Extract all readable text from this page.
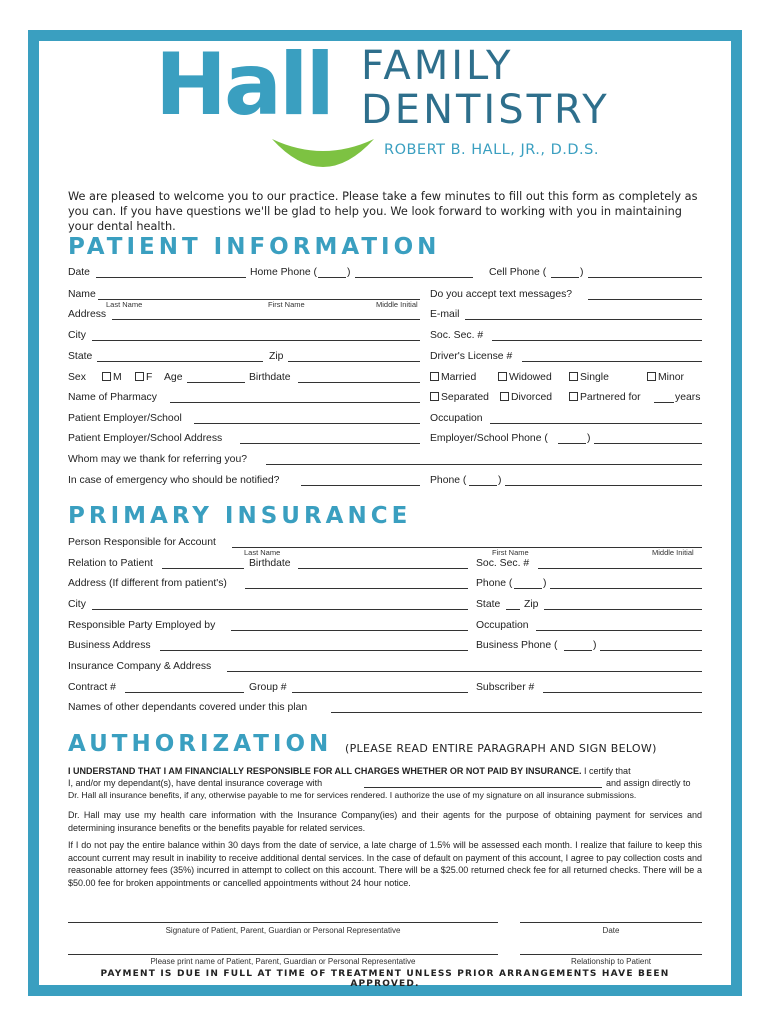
Hall FAMILY
DENTISTRY
ROBERT B. HALL, JR., D.D.S.
We are pleased to welcome you to our practice. Please take a few minutes to fill out this form as completely as you can. If you have questions we'll be glad to help you. We look forward to working with you in maintaining your dental health.
PATIENT INFORMATION
Date	Home Phone (	)	Cell Phone (	)
Name
Last Name	First Name	Middle Initial
Do you accept text messages?
Address	E-mail
City	Soc. Sec. #
State	Zip	Driver's License #
Sex	M	F Age	Birthdate	Married	Widowed	Single	Minor
Name of Pharmacy	Separated	Divorced	Partnered for	years
Patient Employer/School	Occupation
Patient Employer/School Address	Employer/School Phone (	)
Whom may we thank for referring you?
In case of emergency who should be notified?	Phone (	)
PRIMARY INSURANCE
Person Responsible for Account
Last Name	First Name	Middle Initial
Relation to Patient	Birthdate	Soc. Sec. #
Address (If different from patient's)	Phone (	)
City	State Zip
Responsible Party Employed by	Occupation
Business Address	Business Phone (	)
Insurance Company & Address
Contract #	Group #	Subscriber #
Names of other dependants covered under this plan
AUTHORIZATION (PLEASE READ ENTIRE PARAGRAPH AND SIGN BELOW)
I UNDERSTAND THAT I AM FINANCIALLY RESPONSIBLE FOR ALL CHARGES WHETHER OR NOT PAID BY INSURANCE. I certify that
I, and/or my dependant(s), have dental insurance coverage with	and assign directly to
Dr. Hall all insurance benefits, if any, otherwise payable to me for services rendered. I authorize the use of my signature on all insurance submissions.
Dr. Hall may use my health care information with the Insurance Company(ies) and their agents for the purpose of obtaining payment for services and determining insurance benefits or the benefits payable for related services.
If I do not pay the entire balance within 30 days from the date of service, a late charge of 1.5% will be assessed each month. I realize that failure to keep this account current may result in inability to receive additional dental services. In the case of default on payment of this account, I agree to pay collection costs and reasonable attorney fees (35%) incurred in attempt to collect on this account. There will be a $25.00 returned check fee for all returned checks. There will be a $50.00 fee for broken appointments or cancelled appointments without 24 hour notice.
Signature of Patient, Parent, Guardian or Personal Representative	Date
Please print name of Patient, Parent, Guardian or Personal Representative	Relationship to Patient
PAYMENT IS DUE IN FULL AT TIME OF TREATMENT UNLESS PRIOR ARRANGEMENTS HAVE BEEN APPROVED.
